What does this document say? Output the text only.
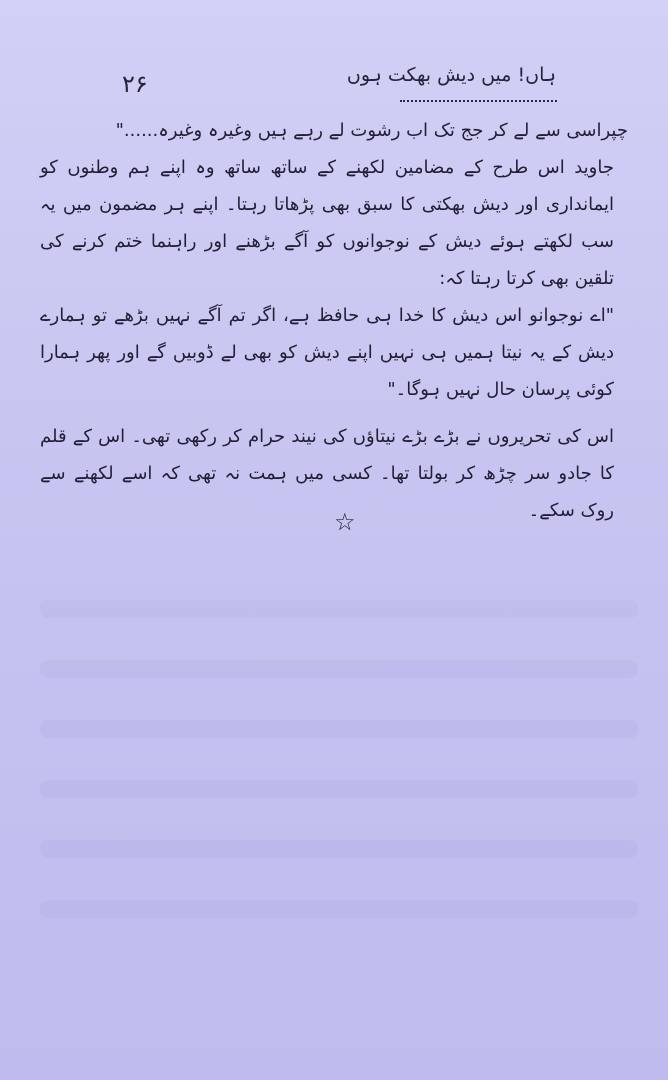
۲۶	ہاں! میں دیش بھکت ہوں

چپراسی سے لے کر جج تک اب رشوت لے رہے ہیں وغیرہ وغیرہ......"

جاوید اس طرح کے مضامین لکھنے کے ساتھ ساتھ وہ اپنے ہم وطنوں کو ایمانداری اور دیش بھکتی کا سبق بھی پڑھاتا رہتا۔ اپنے ہر مضمون میں یہ سب لکھتے ہوئے دیش کے نوجوانوں کو آگے بڑھنے اور راہنما ختم کرنے کی تلقین بھی کرتا رہتا کہ:

"اے نوجوانو اس دیش کا خدا ہی حافظ ہے، اگر تم آگے نہیں بڑھے تو ہمارے دیش کے یہ نیتا ہمیں ہی نہیں اپنے دیش کو بھی لے ڈوبیں گے اور پھر ہمارا کوئی پرسان حال نہیں ہوگا۔"

اس کی تحریروں نے بڑے بڑے نیتاؤں کی نیند حرام کر رکھی تھی۔ اس کے قلم کا جادو سر چڑھ کر بولتا تھا۔ کسی میں ہمت نہ تھی کہ اسے لکھنے سے روک سکے۔

☆
